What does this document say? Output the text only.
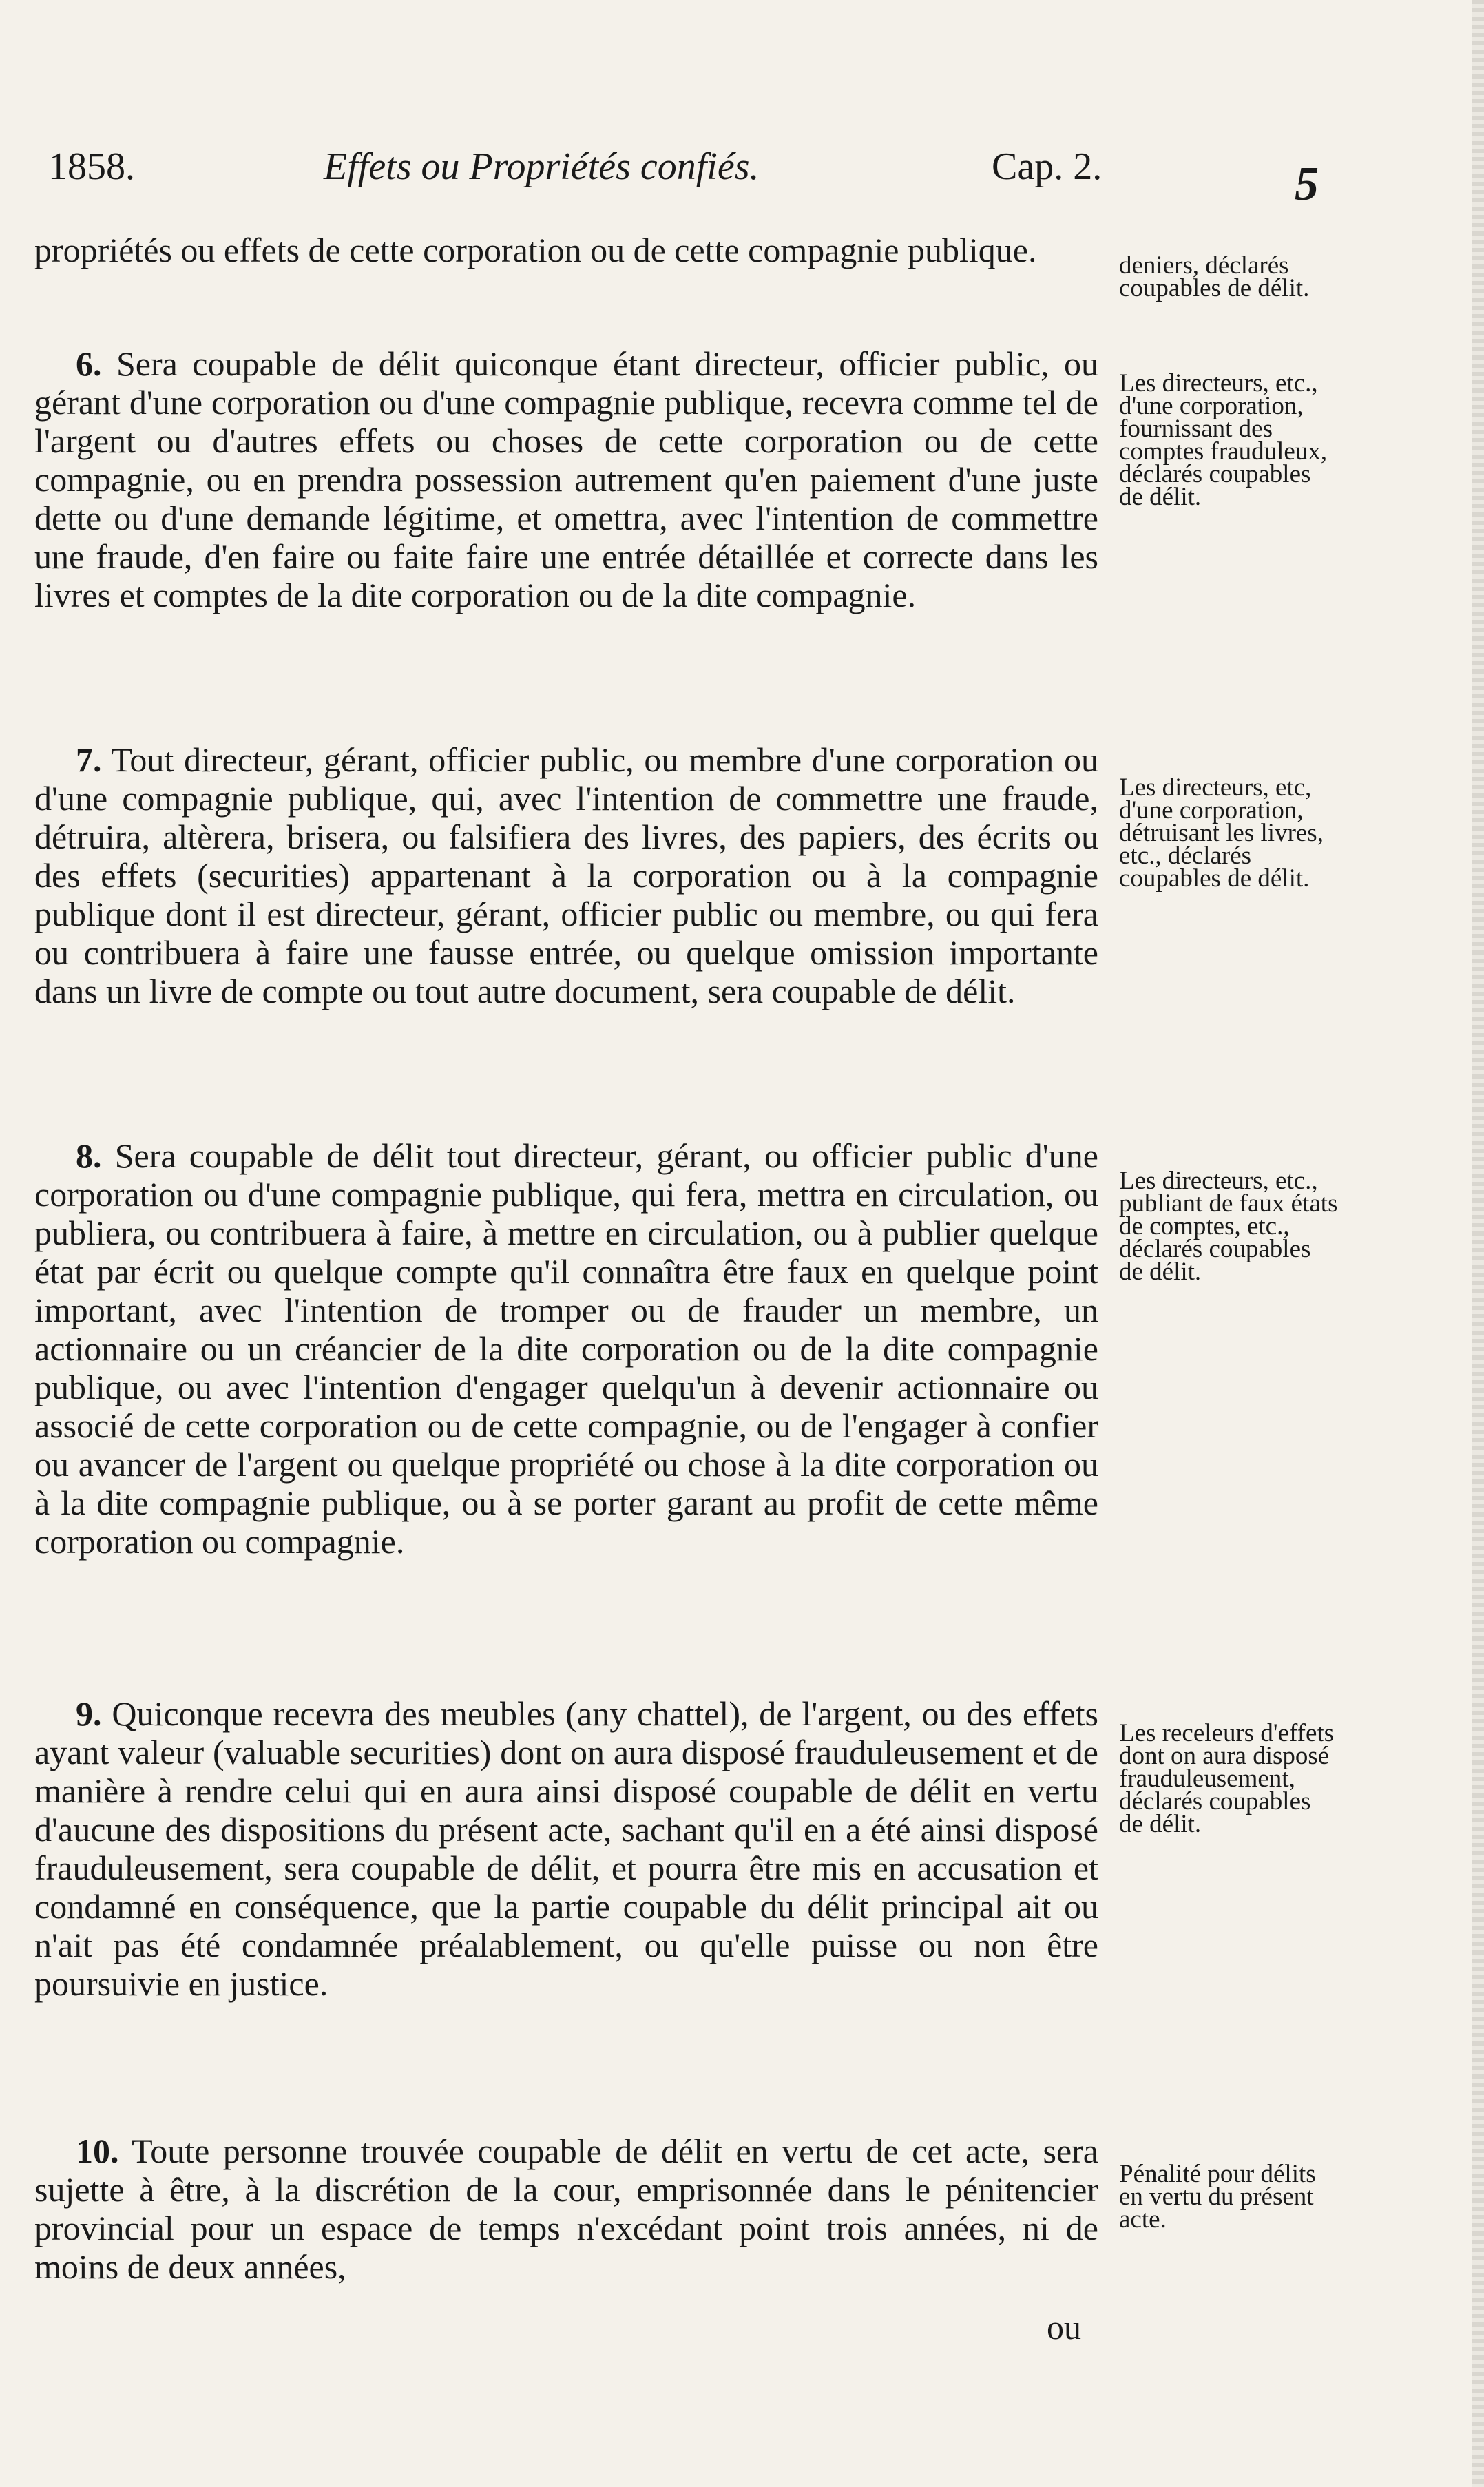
1858.	Effets ou Propriétés confiés.	Cap. 2.	5
propriétés ou effets de cette corporation ou de cette compagnie publique.	deniers, déclarés coupables de délit.
6. Sera coupable de délit quiconque étant directeur, officier public, ou gérant d'une corporation ou d'une compagnie publique, recevra comme tel de l'argent ou d'autres effets ou choses de cette corporation ou de cette compagnie, ou en prendra possession autrement qu'en paiement d'une juste dette ou d'une demande légitime, et omettra, avec l'intention de commettre une fraude, d'en faire ou faite faire une entrée détaillée et correcte dans les livres et comptes de la dite corporation ou de la dite compagnie.
Les directeurs, etc., d'une corporation, fournissant des comptes frauduleux, déclarés coupables de délit.
7. Tout directeur, gérant, officier public, ou membre d'une corporation ou d'une compagnie publique, qui, avec l'intention de commettre une fraude, détruira, altèrera, brisera, ou falsifiera des livres, des papiers, des écrits ou des effets (securities) appartenant à la corporation ou à la compagnie publique dont il est directeur, gérant, officier public ou membre, ou qui fera ou contribuera à faire une fausse entrée, ou quelque omission importante dans un livre de compte ou tout autre document, sera coupable de délit.
Les directeurs, etc, d'une corporation, détruisant les livres, etc., déclarés coupables de délit.
8. Sera coupable de délit tout directeur, gérant, ou officier public d'une corporation ou d'une compagnie publique, qui fera, mettra en circulation, ou publiera, ou contribuera à faire, à mettre en circulation, ou à publier quelque état par écrit ou quelque compte qu'il connaîtra être faux en quelque point important, avec l'intention de tromper ou de frauder un membre, un actionnaire ou un créancier de la dite corporation ou de la dite compagnie publique, ou avec l'intention d'engager quelqu'un à devenir actionnaire ou associé de cette corporation ou de cette compagnie, ou de l'engager à confier ou avancer de l'argent ou quelque propriété ou chose à la dite corporation ou à la dite compagnie publique, ou à se porter garant au profit de cette même corporation ou compagnie.
Les directeurs, etc., publiant de faux états de comptes, etc., déclarés coupables de délit.
9. Quiconque recevra des meubles (any chattel), de l'argent, ou des effets ayant valeur (valuable securities) dont on aura disposé frauduleusement et de manière à rendre celui qui en aura ainsi disposé coupable de délit en vertu d'aucune des dispositions du présent acte, sachant qu'il en a été ainsi disposé frauduleusement, sera coupable de délit, et pourra être mis en accusation et condamné en conséquence, que la partie coupable du délit principal ait ou n'ait pas été condamnée préalablement, ou qu'elle puisse ou non être poursuivie en justice.
Les receleurs d'effets dont on aura disposé frauduleusement, déclarés coupables de délit.
10. Toute personne trouvée coupable de délit en vertu de cet acte, sera sujette à être, à la discrétion de la cour, emprisonnée dans le pénitencier provincial pour un espace de temps n'excédant point trois années, ni de moins de deux années,
Pénalité pour délits en vertu du présent acte.
ou
